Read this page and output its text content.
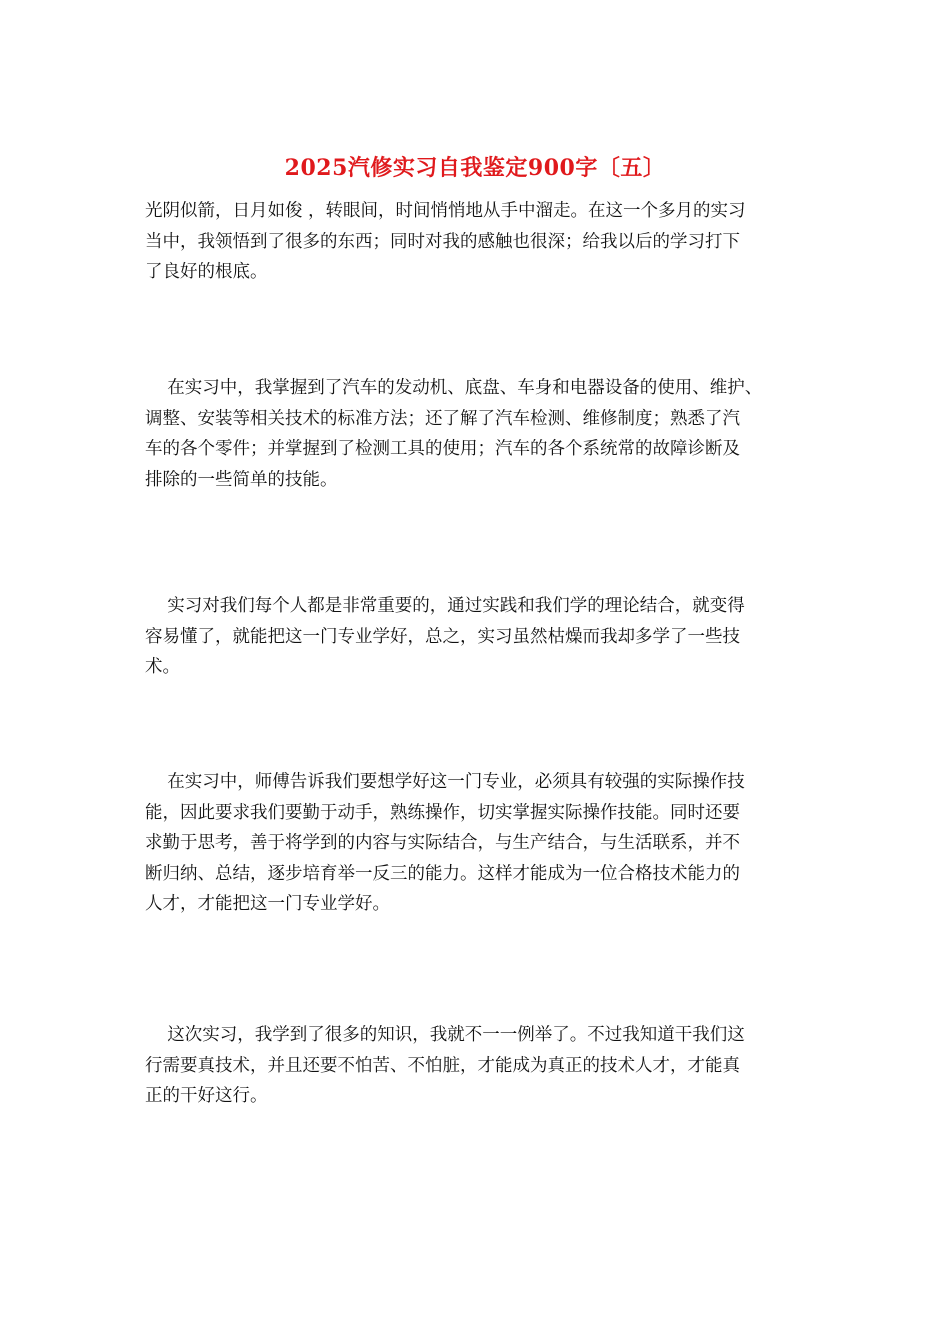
2025汽修实习自我鉴定900字〔五〕

光阴似箭，日月如俊 ，转眼间，时间悄悄地从手中溜走。在这一个多月的实习
当中，我领悟到了很多的东西；同时对我的感触也很深；给我以后的学习打下
了良好的根底。

在实习中，我掌握到了汽车的发动机、底盘、车身和电器设备的使用、维护、
调整、安装等相关技术的标准方法；还了解了汽车检测、维修制度；熟悉了汽
车的各个零件；并掌握到了检测工具的使用；汽车的各个系统常的故障诊断及
排除的一些简单的技能。

实习对我们每个人都是非常重要的，通过实践和我们学的理论结合，就变得
容易懂了，就能把这一门专业学好，总之，实习虽然枯燥而我却多学了一些技
术。

在实习中，师傅告诉我们要想学好这一门专业，必须具有较强的实际操作技
能，因此要求我们要勤于动手，熟练操作，切实掌握实际操作技能。同时还要
求勤于思考，善于将学到的内容与实际结合，与生产结合，与生活联系，并不
断归纳、总结，逐步培育举一反三的能力。这样才能成为一位合格技术能力的
人才，才能把这一门专业学好。

这次实习，我学到了很多的知识，我就不一一例举了。不过我知道干我们这
行需要真技术，并且还要不怕苦、不怕脏，才能成为真正的技术人才，才能真
正的干好这行。
